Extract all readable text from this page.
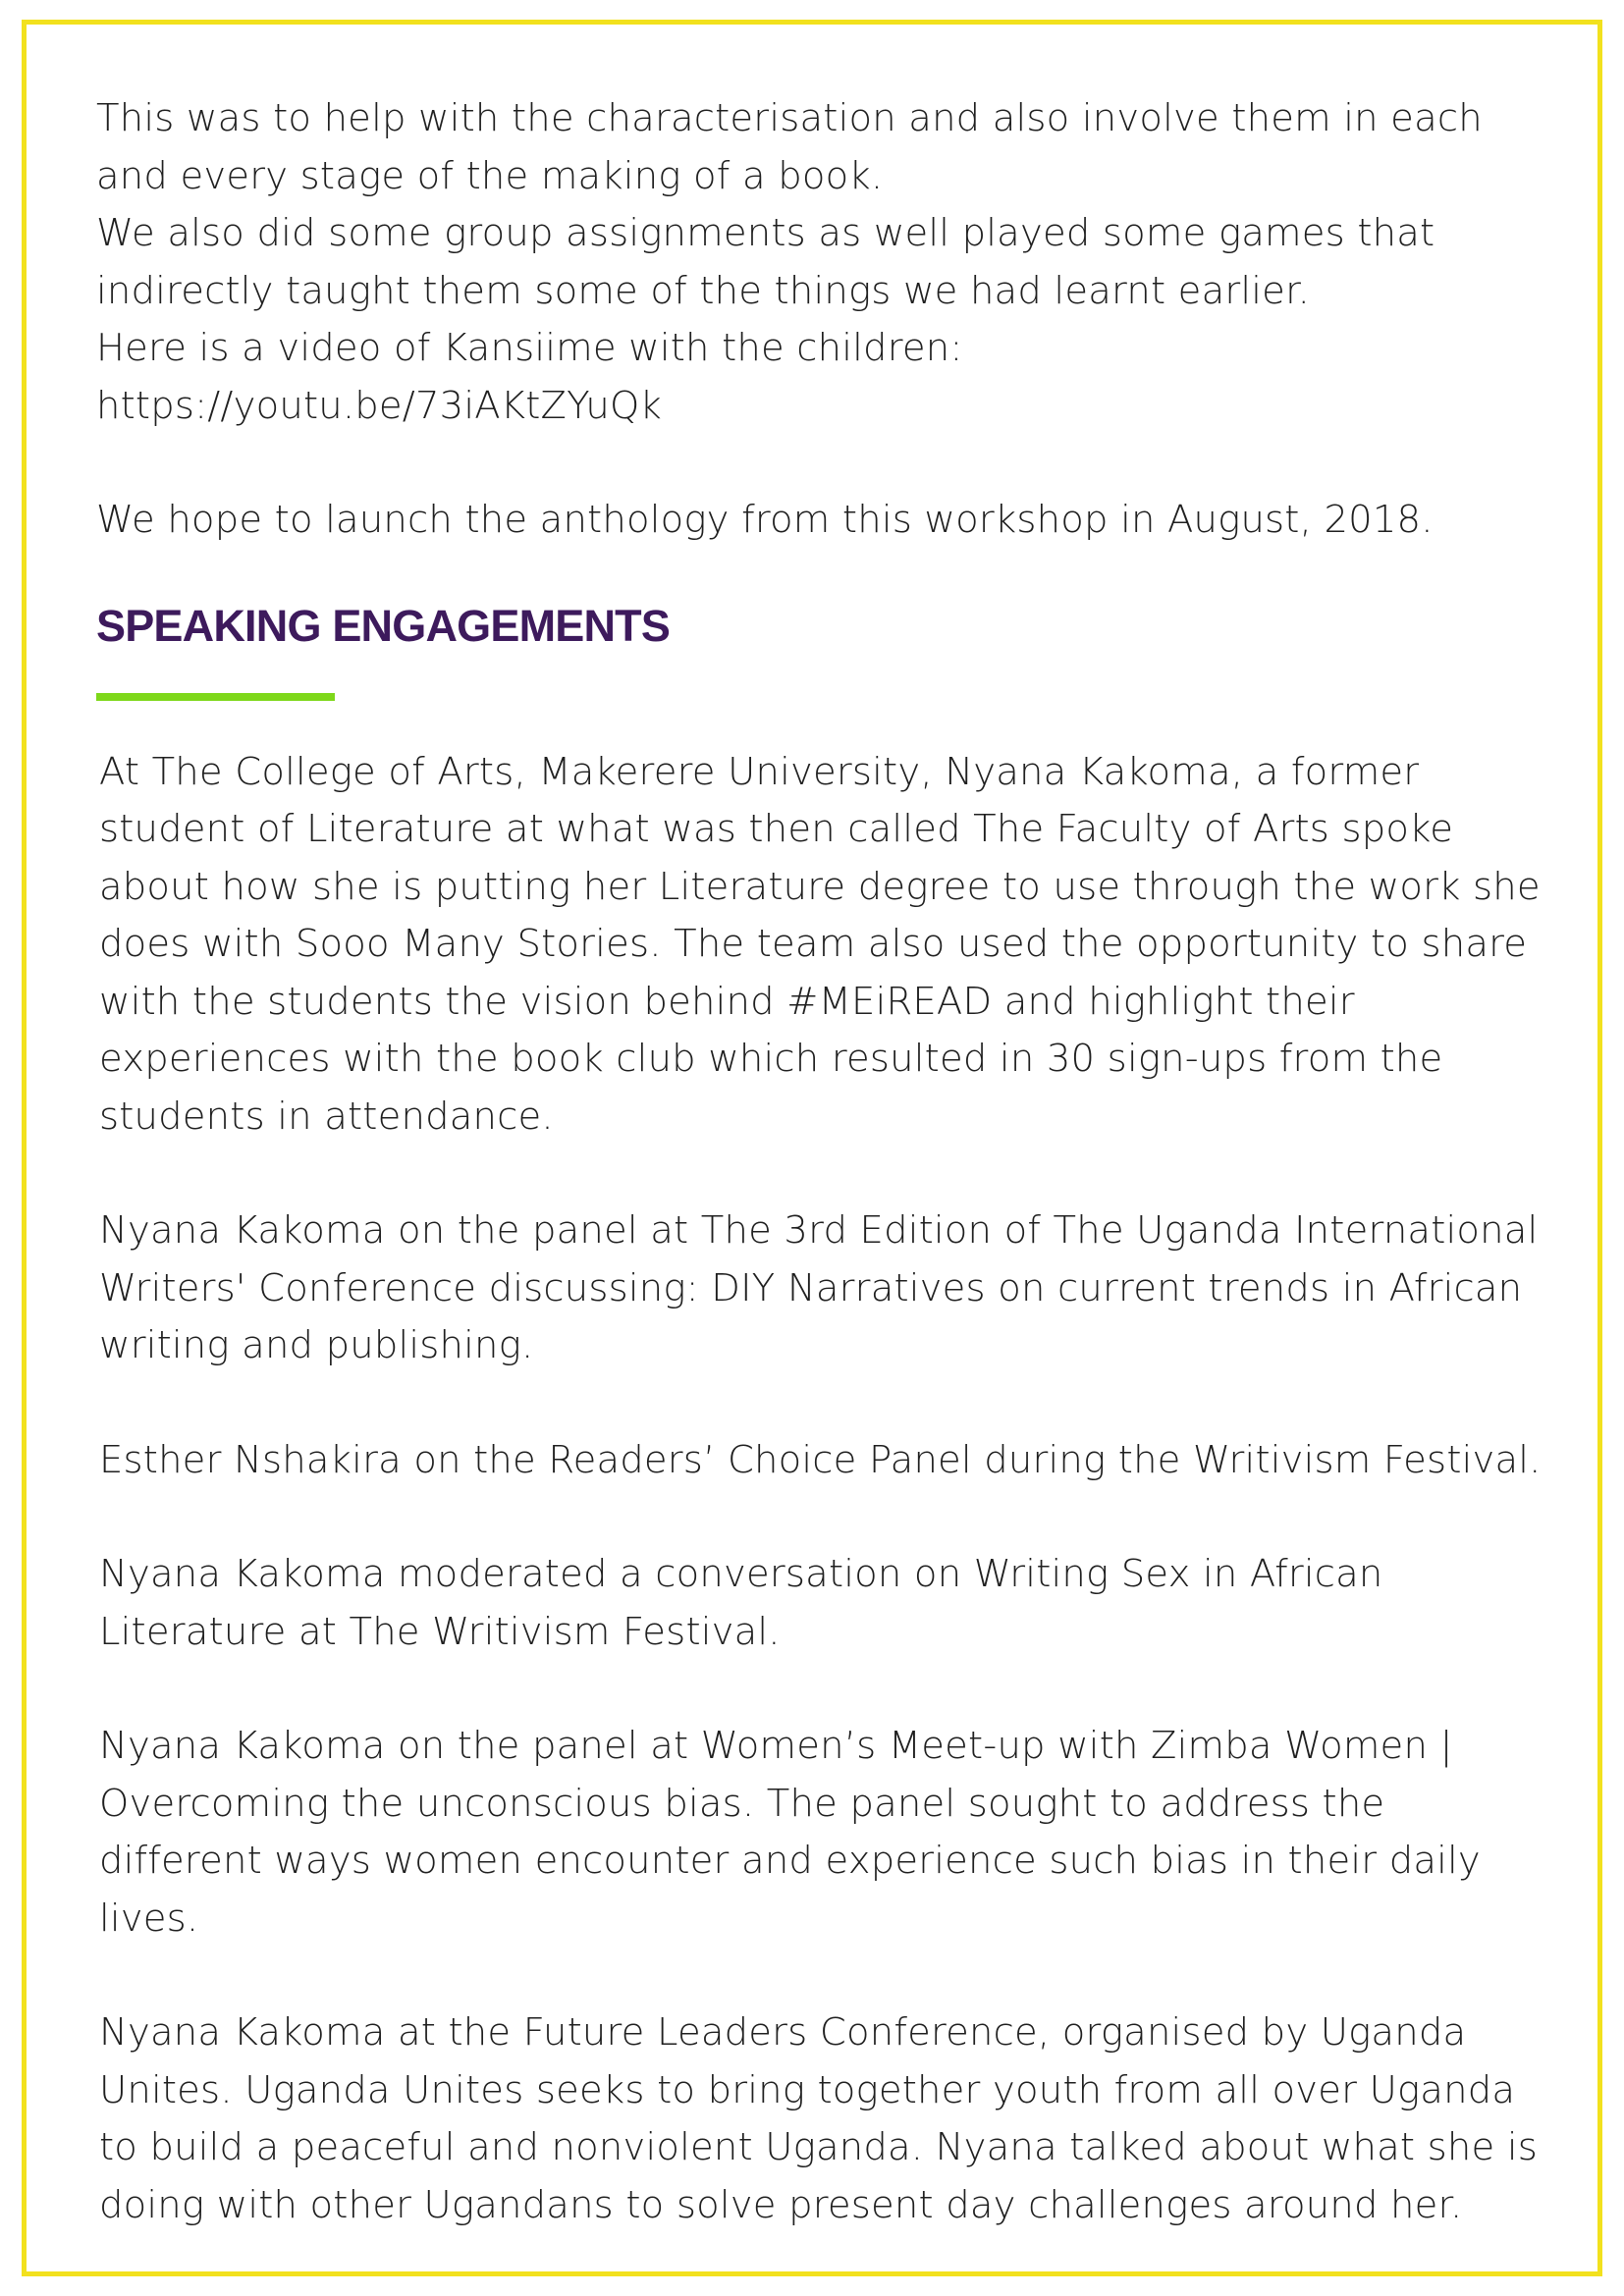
This was to help with the characterisation and also involve them in each
and every stage of the making of a book.
We also did some group assignments as well played some games that
indirectly taught them some of the things we had learnt earlier.
Here is a video of Kansiime with the children:
https://youtu.be/73iAKtZYuQk
We hope to launch the anthology from this workshop in August, 2018.
SPEAKING ENGAGEMENTS
At The College of Arts, Makerere University, Nyana Kakoma, a former
student of Literature at what was then called The Faculty of Arts spoke
about how she is putting her Literature degree to use through the work she
does with Sooo Many Stories. The team also used the opportunity to share
with the students the vision behind #MEiREAD and highlight their
experiences with the book club which resulted in 30 sign-ups from the
students in attendance.
Nyana Kakoma on the panel at The 3rd Edition of The Uganda International
Writers' Conference discussing: DIY Narratives on current trends in African
writing and publishing.
Esther Nshakira on the Readers’ Choice Panel during the Writivism Festival.
Nyana Kakoma moderated a conversation on Writing Sex in African
Literature at The Writivism Festival.
Nyana Kakoma on the panel at Women’s Meet-up with Zimba Women |
Overcoming the unconscious bias. The panel sought to address the
different ways women encounter and experience such bias in their daily
lives.
Nyana Kakoma at the Future Leaders Conference, organised by Uganda
Unites. Uganda Unites seeks to bring together youth from all over Uganda
to build a peaceful and nonviolent Uganda. Nyana talked about what she is
doing with other Ugandans to solve present day challenges around her.
